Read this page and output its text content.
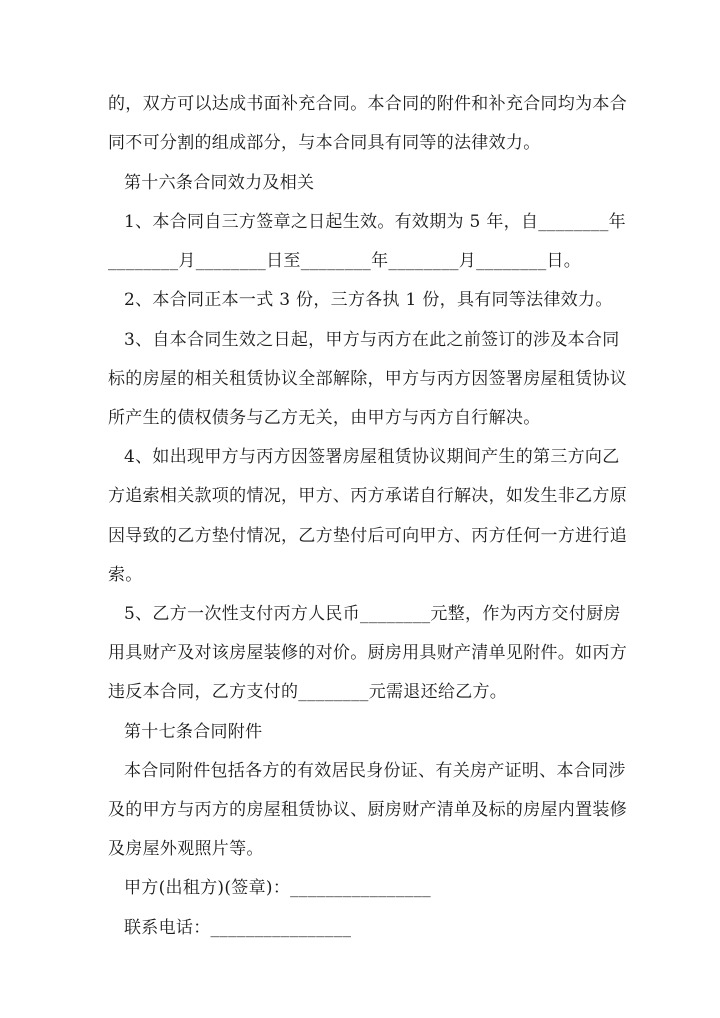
的，双方可以达成书面补充合同。本合同的附件和补充合同均为本合
同不可分割的组成部分，与本合同具有同等的法律效力。
第十六条合同效力及相关
1、本合同自三方签章之日起生效。有效期为 5 年，自________年
________月________日至________年________月________日。
2、本合同正本一式 3 份，三方各执 1 份，具有同等法律效力。
3、自本合同生效之日起，甲方与丙方在此之前签订的涉及本合同
标的房屋的相关租赁协议全部解除，甲方与丙方因签署房屋租赁协议
所产生的债权债务与乙方无关，由甲方与丙方自行解决。
4、如出现甲方与丙方因签署房屋租赁协议期间产生的第三方向乙
方追索相关款项的情况，甲方、丙方承诺自行解决，如发生非乙方原
因导致的乙方垫付情况，乙方垫付后可向甲方、丙方任何一方进行追
索。
5、乙方一次性支付丙方人民币________元整，作为丙方交付厨房
用具财产及对该房屋装修的对价。厨房用具财产清单见附件。如丙方
违反本合同，乙方支付的________元需退还给乙方。
第十七条合同附件
本合同附件包括各方的有效居民身份证、有关房产证明、本合同涉
及的甲方与丙方的房屋租赁协议、厨房财产清单及标的房屋内置装修
及房屋外观照片等。
甲方(出租方)(签章)：________________
联系电话：________________
